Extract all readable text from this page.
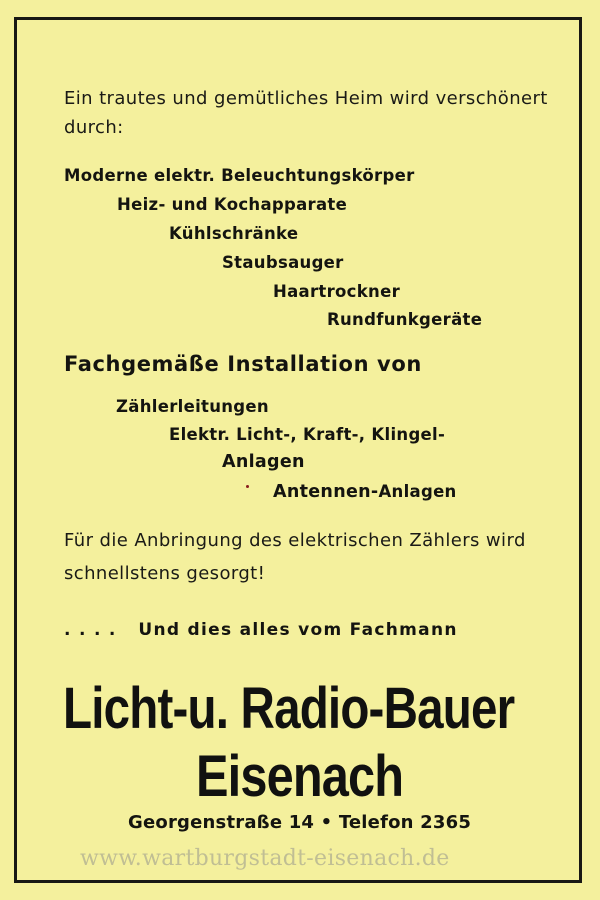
Ein trautes und gemütliches Heim wird verschönert
durch:
Moderne elektr. Beleuchtungskörper
Heiz- und Kochapparate
Kühlschränke
Staubsauger
Haartrockner
Rundfunkgeräte
Fachgemäße Installation von
Zählerleitungen
Elektr. Licht-, Kraft-, Klingel-
Anlagen
Antennen-Anlagen
Für die Anbringung des elektrischen Zählers wird
schnellstens gesorgt!
. . . . Und dies alles vom Fachmann
Licht-u. Radio-Bauer
Eisenach
Georgenstraße 14 • Telefon 2365
www.wartburgstadt-eisenach.de
